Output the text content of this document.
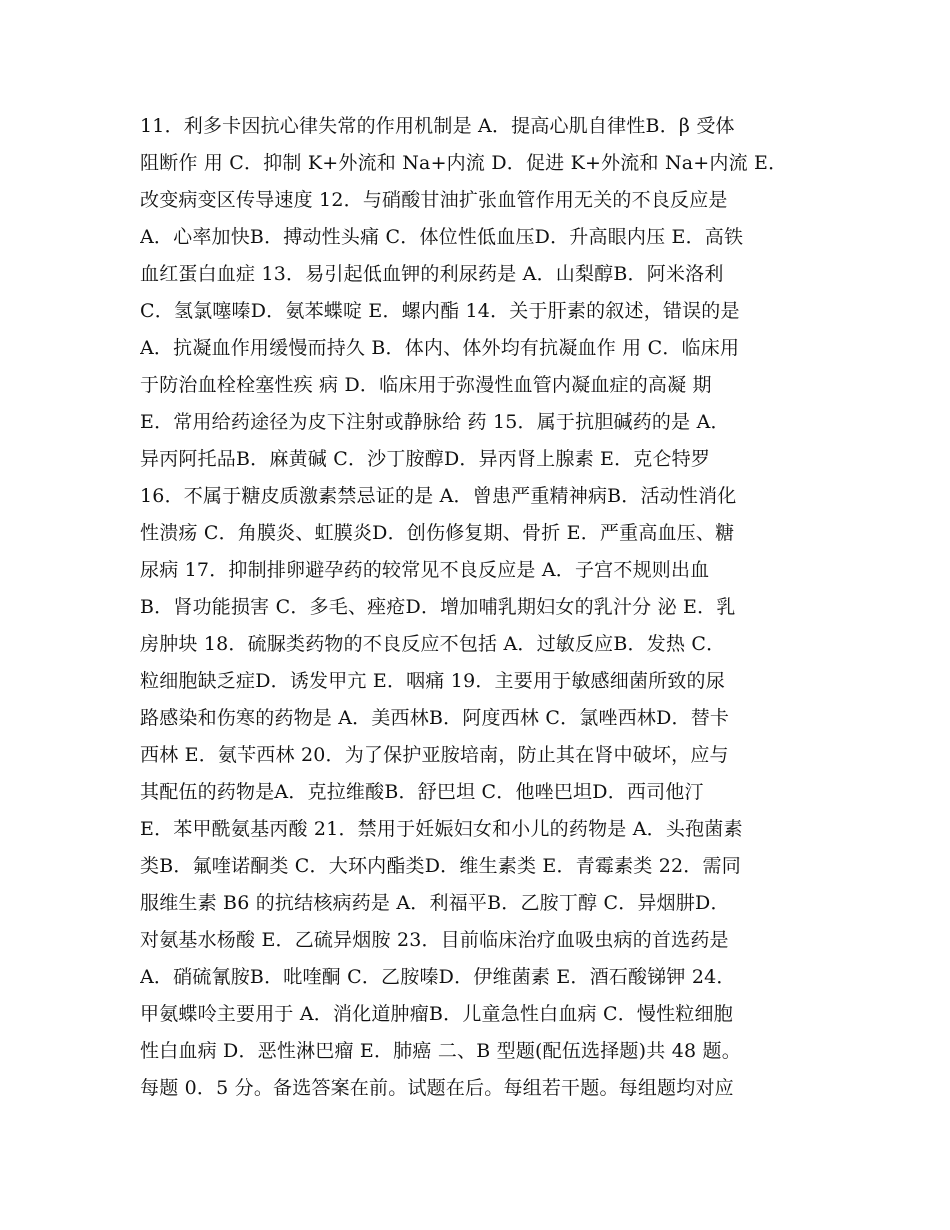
11．利多卡因抗心律失常的作用机制是 A．提高心肌自律性B．β 受体
阻断作 用 C．抑制 K+外流和 Na+内流 D．促进 K+外流和 Na+内流 E．
改变病变区传导速度 12．与硝酸甘油扩张血管作用无关的不良反应是
A．心率加快B．搏动性头痛 C．体位性低血压D．升高眼内压 E．高铁
血红蛋白血症 13．易引起低血钾的利尿药是 A．山梨醇B．阿米洛利
C．氢氯噻嗪D．氨苯蝶啶 E．螺内酯 14．关于肝素的叙述，错误的是
A．抗凝血作用缓慢而持久 B．体内、体外均有抗凝血作 用 C．临床用
于防治血栓栓塞性疾 病 D．临床用于弥漫性血管内凝血症的高凝 期
E．常用给药途径为皮下注射或静脉给 药 15．属于抗胆碱药的是 A．
异丙阿托品B．麻黄碱 C．沙丁胺醇D．异丙肾上腺素 E．克仑特罗
16．不属于糖皮质激素禁忌证的是 A．曾患严重精神病B．活动性消化
性溃疡 C．角膜炎、虹膜炎D．创伤修复期、骨折 E．严重高血压、糖
尿病 17．抑制排卵避孕药的较常见不良反应是 A．子宫不规则出血
B．肾功能损害 C．多毛、痤疮D．增加哺乳期妇女的乳汁分 泌 E．乳
房肿块 18．硫脲类药物的不良反应不包括 A．过敏反应B．发热 C．
粒细胞缺乏症D．诱发甲亢 E．咽痛 19．主要用于敏感细菌所致的尿
路感染和伤寒的药物是 A．美西林B．阿度西林 C．氯唑西林D．替卡
西林 E．氨苄西林 20．为了保护亚胺培南，防止其在肾中破坏，应与
其配伍的药物是A．克拉维酸B．舒巴坦 C．他唑巴坦D．西司他汀
E．苯甲酰氨基丙酸 21．禁用于妊娠妇女和小儿的药物是 A．头孢菌素
类B．氟喹诺酮类 C．大环内酯类D．维生素类 E．青霉素类 22．需同
服维生素 B6 的抗结核病药是 A．利福平B．乙胺丁醇 C．异烟肼D．
对氨基水杨酸 E．乙硫异烟胺 23．目前临床治疗血吸虫病的首选药是
A．硝硫氰胺B．吡喹酮 C．乙胺嗪D．伊维菌素 E．酒石酸锑钾 24．
甲氨蝶呤主要用于 A．消化道肿瘤B．儿童急性白血病 C．慢性粒细胞
性白血病 D．恶性淋巴瘤 E．肺癌 二、B 型题(配伍选择题)共 48 题。
每题 0．5 分。备选答案在前。试题在后。每组若干题。每组题均对应
